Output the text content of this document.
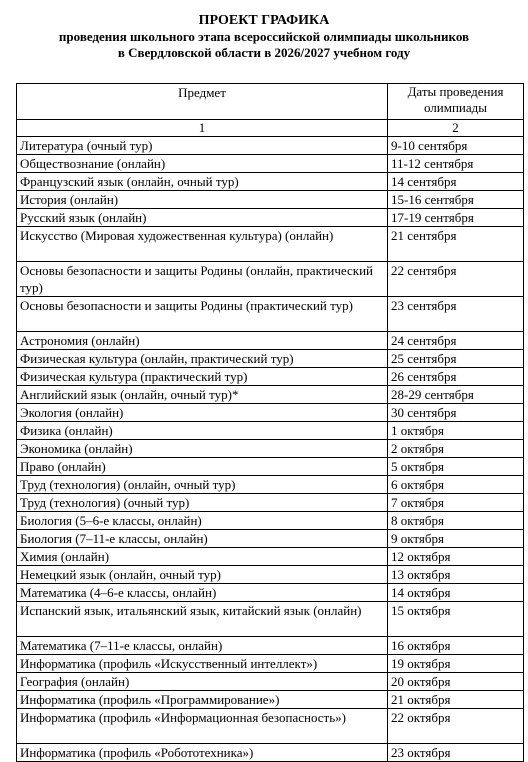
ПРОЕКТ ГРАФИКА
проведения школьного этапа всероссийской олимпиады школьников
в Свердловской области в 2026/2027 учебном году
Предмет	Даты проведения олимпиады
1	2
Литература (очный тур)	9-10 сентября
Обществознание (онлайн)	11-12 сентября
Французский язык (онлайн, очный тур)	14 сентября
История (онлайн)	15-16 сентября
Русский язык (онлайн)	17-19 сентября
Искусство (Мировая художественная культура) (онлайн)	21 сентября
Основы безопасности и защиты Родины (онлайн, практический тур)	22 сентября
Основы безопасности и защиты Родины (практический тур)	23 сентября
Астрономия (онлайн)	24 сентября
Физическая культура (онлайн, практический тур)	25 сентября
Физическая культура (практический тур)	26 сентября
Английский язык (онлайн, очный тур)*	28-29 сентября
Экология (онлайн)	30 сентября
Физика (онлайн)	1 октября
Экономика (онлайн)	2 октября
Право (онлайн)	5 октября
Труд (технология) (онлайн, очный тур)	6 октября
Труд (технология) (очный тур)	7 октября
Биология (5–6-е классы, онлайн)	8 октября
Биология (7–11-е классы, онлайн)	9 октября
Химия (онлайн)	12 октября
Немецкий язык (онлайн, очный тур)	13 октября
Математика (4–6-е классы, онлайн)	14 октября
Испанский язык, итальянский язык, китайский язык (онлайн)	15 октября
Математика (7–11-е классы, онлайн)	16 октября
Информатика (профиль «Искусственный интеллект»)	19 октября
География (онлайн)	20 октября
Информатика (профиль «Программирование»)	21 октября
Информатика (профиль «Информационная безопасность»)	22 октября
Информатика (профиль «Робототехника»)	23 октября
